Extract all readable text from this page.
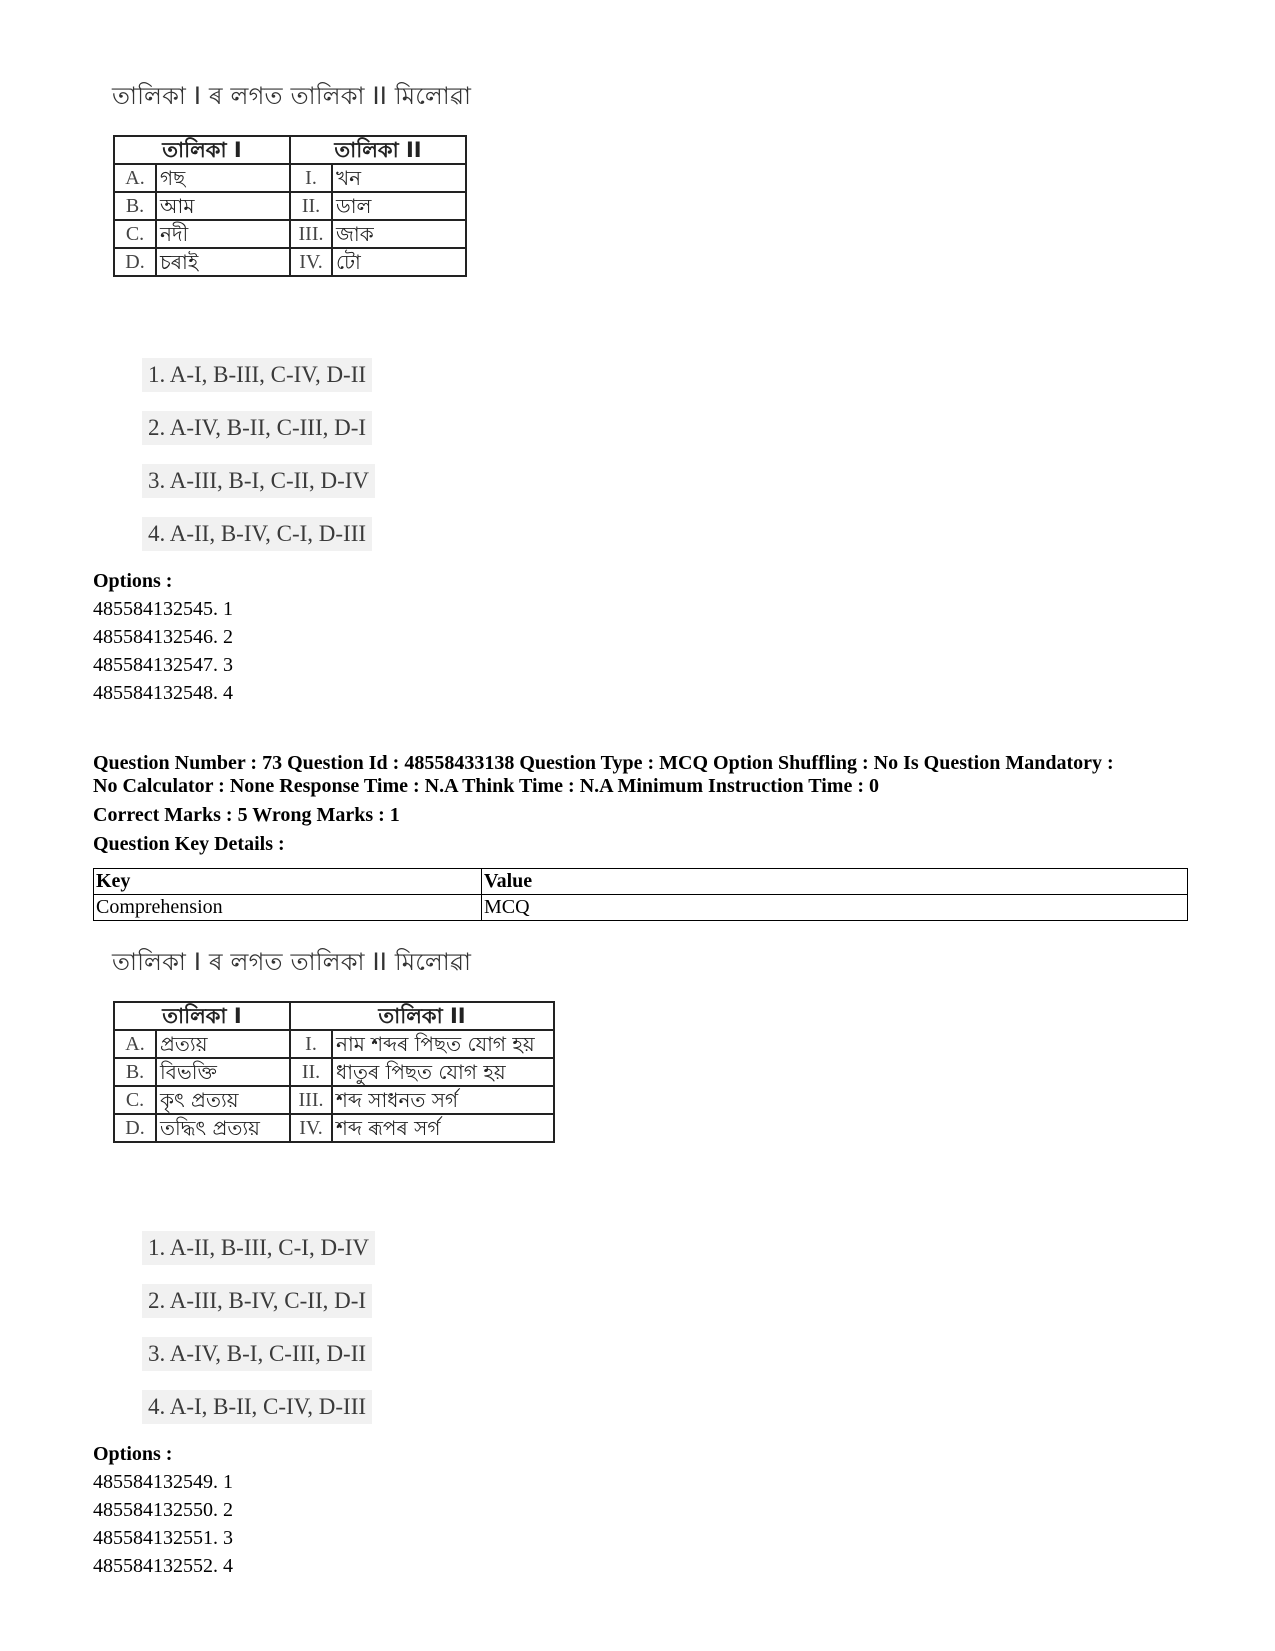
তালিকা I ৰ লগত তালিকা II মিলোৱা
তালিকা I		তালিকা II	
A.	গছ	I.	খন
B.	আম	II.	ডাল
C.	নদী	III.	জাক
D.	চৰাই	IV.	টো
1. A-I, B-III, C-IV, D-II
2. A-IV, B-II, C-III, D-I
3. A-III, B-I, C-II, D-IV
4. A-II, B-IV, C-I, D-III
Options :
485584132545. 1
485584132546. 2
485584132547. 3
485584132548. 4
Question Number : 73 Question Id : 48558433138 Question Type : MCQ Option Shuffling : No Is Question Mandatory :
No Calculator : None Response Time : N.A Think Time : N.A Minimum Instruction Time : 0
Correct Marks : 5 Wrong Marks : 1
Question Key Details :
Key	Value
Comprehension	MCQ
তালিকা I ৰ লগত তালিকা II মিলোৱা
তালিকা I		তালিকা II	
A.	প্ৰত্যয়	I.	নাম শব্দৰ পিছত যোগ হয়
B.	বিভক্তি	II.	ধাতুৰ পিছত যোগ হয়
C.	কৃৎ প্ৰত্যয়	III.	শব্দ সাধনত সৰ্গ
D.	তদ্ধিৎ প্ৰত্যয়	IV.	শব্দ ৰূপৰ সৰ্গ
1. A-II, B-III, C-I, D-IV
2. A-III, B-IV, C-II, D-I
3. A-IV, B-I, C-III, D-II
4. A-I, B-II, C-IV, D-III
Options :
485584132549. 1
485584132550. 2
485584132551. 3
485584132552. 4
